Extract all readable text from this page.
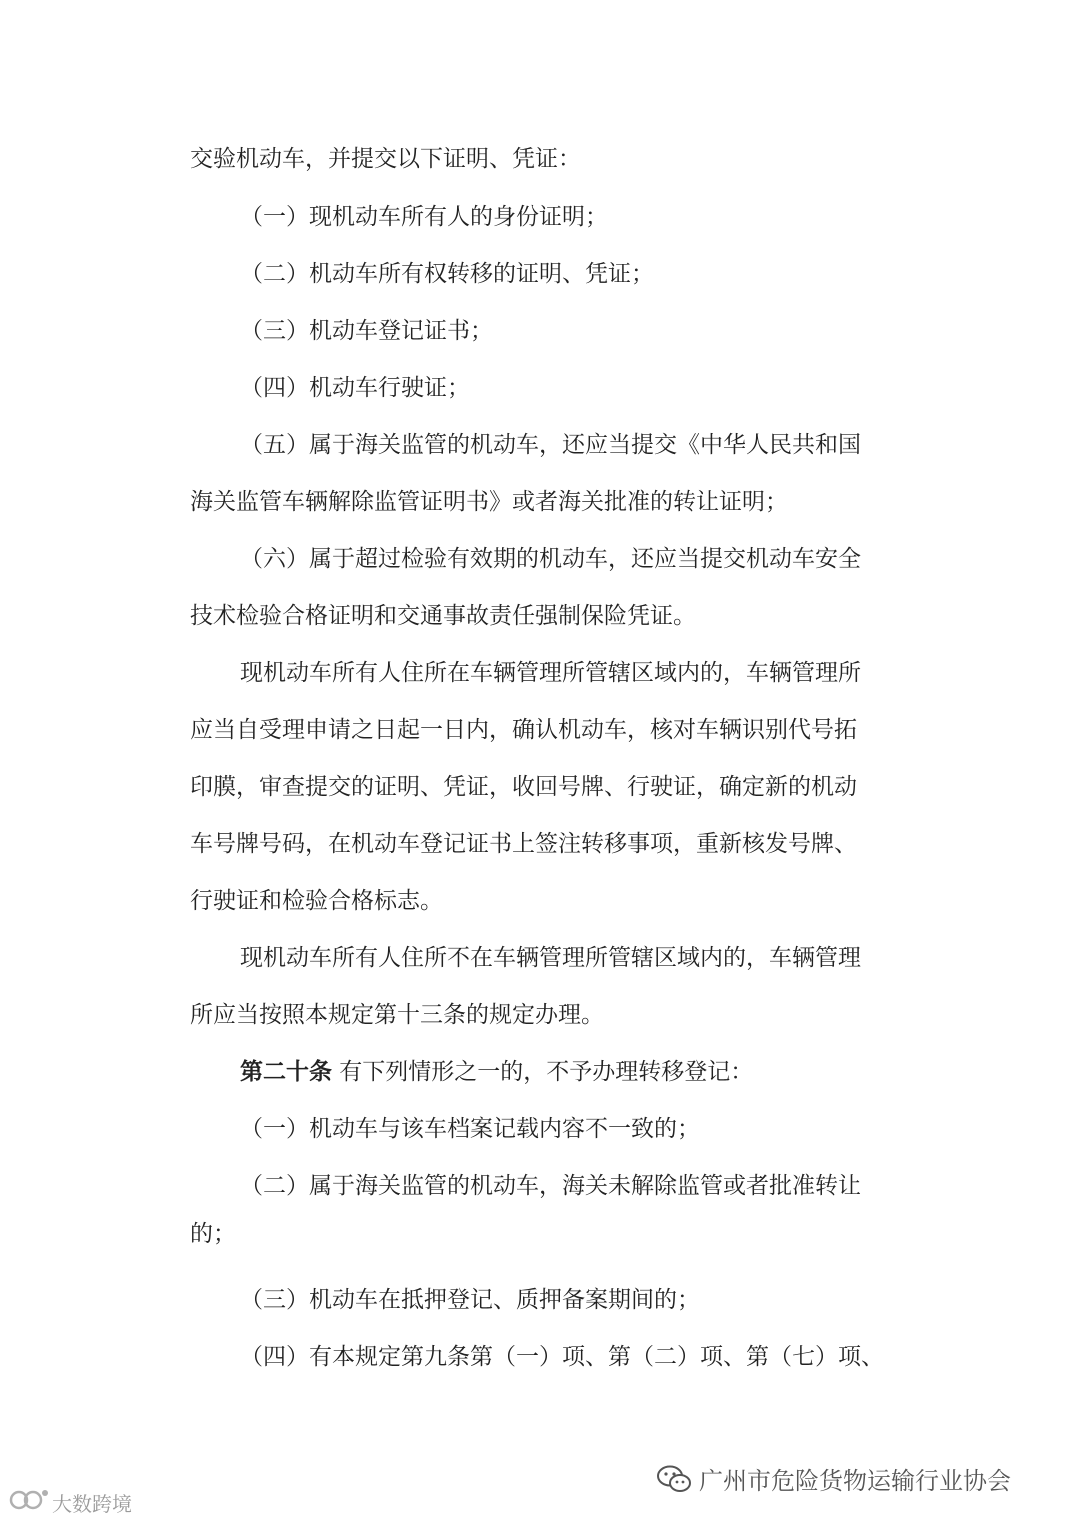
交验机动车，并提交以下证明、凭证：
（一）现机动车所有人的身份证明；
（二）机动车所有权转移的证明、凭证；
（三）机动车登记证书；
（四）机动车行驶证；
（五）属于海关监管的机动车，还应当提交《中华人民共和国
海关监管车辆解除监管证明书》或者海关批准的转让证明；
（六）属于超过检验有效期的机动车，还应当提交机动车安全
技术检验合格证明和交通事故责任强制保险凭证。
现机动车所有人住所在车辆管理所管辖区域内的，车辆管理所
应当自受理申请之日起一日内，确认机动车，核对车辆识别代号拓
印膜，审查提交的证明、凭证，收回号牌、行驶证，确定新的机动
车号牌号码，在机动车登记证书上签注转移事项，重新核发号牌、
行驶证和检验合格标志。
现机动车所有人住所不在车辆管理所管辖区域内的，车辆管理
所应当按照本规定第十三条的规定办理。
第二十条 有下列情形之一的，不予办理转移登记：
（一）机动车与该车档案记载内容不一致的；
（二）属于海关监管的机动车，海关未解除监管或者批准转让
的；
（三）机动车在抵押登记、质押备案期间的；
（四）有本规定第九条第（一）项、第（二）项、第（七）项、
广州市危险货物运输行业协会
大数跨境
